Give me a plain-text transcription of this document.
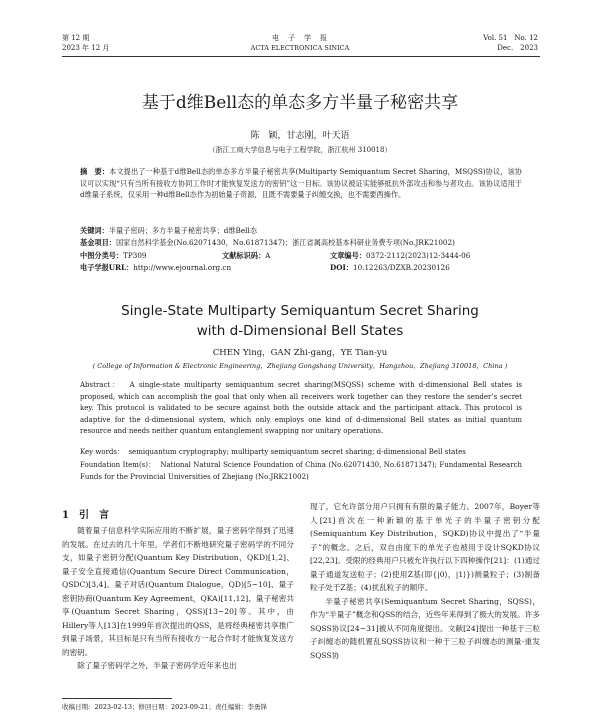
第 12 期
2023 年 12 月
电　子　学　报
ACTA ELECTRONICA SINICA
Vol. 51　No. 12
Dec.　2023
基于d维Bell态的单态多方半量子秘密共享
陈　颖，甘志刚，叶天语
（浙江工商大学信息与电子工程学院，浙江杭州 310018）
摘　要：本文提出了一种基于d维Bell态的单态多方半量子秘密共享(Multiparty Semiquantum Secret Sharing，MSQSS)协议，该协议可以实现“只有当所有接收方协同工作时才能恢复发送方的密钥”这一目标。该协议被证实能够抵抗外部攻击和参与者攻击。该协议适用于d维量子系统，仅采用一种d维Bell态作为初始量子资源，且既不需要量子纠缠交换，也不需要酉操作。
关键词：半量子密码；多方半量子秘密共享；d维Bell态
基金项目：国家自然科学基金(No.62071430，No.61871347)；浙江省属高校基本科研业务费专项(No.JRK21002)
中图分类号：TP309	文献标识码：A	文章编号：0372-2112(2023)12-3444-06
电子学报URL：http://www.ejournal.org.cn	DOI：10.12263/DZXB.20230126
Single-State Multiparty Semiquantum Secret Sharing
with d-Dimensional Bell States
CHEN Ying，GAN Zhi-gang，YE Tian-yu
( College of Information & Electronic Engineering，Zhejiang Gongshang University，Hangzhou，Zhejiang 310018，China )
Abstract： A single-state multiparty semiquantum secret sharing(MSQSS) scheme with d-dimensional Bell states is proposed, which can accomplish the goal that only when all receivers work together can they restore the sender’s secret key. This protocol is validated to be secure against both the outside attack and the participant attack. This protocol is adaptive for the d-dimensional system, which only employs one kind of d-dimensional Bell states as initial quantum resource and needs neither quantum entanglement swapping nor unitary operations.
Key words： semiquantum cryptography; multiparty semiquantum secret sharing; d-dimensional Bell states
Foundation Item(s)： National Natural Science Foundation of China (No.62071430, No.61871347); Fundamental Research Funds for the Provincial Universities of Zhejiang (No.JRK21002)
1　引　言

随着量子信息科学实际应用的不断扩展，量子密码学得到了迅速的发展。在过去的几十年里，学者们不断地研究量子密码学的不同分支，如量子密钥分配(Quantum Key Distribution，QKD)[1,2]、量子安全直接通信(Quantum Secure Direct Communication，QSDC)[3,4]、量子对话(Quantum Dialogue，QD)[5~10]、量子密钥协商(Quantum Key Agreement，QKA)[11,12]、量子秘密共享(Quantum Secret Sharing，QSS)[13~20]等。其中，由Hillery等人[13]在1999年首次提出的QSS，是将经典秘密共享推广到量子场景，其目标是只有当所有接收方一起合作时才能恢复发送方的密钥。

除了量子密码学之外，半量子密码学近年来也出

现了，它允许部分用户只拥有有限的量子能力。2007年，Boyer等人[21]首次在一种新颖的基于单光子的半量子密钥分配(Semiquantum Key Distribution，SQKD)协议中提出了“半量子”的概念。之后，双自由度下的单光子也被用于设计SQKD协议[22,23]。受限的经典用户只被允许执行以下四种操作[21]：(1)通过量子通道发送粒子；(2)使用Z基(即{|0⟩，|1⟩})测量粒子；(3)制备粒子处于Z基；(4)扰乱粒子的顺序。

半量子秘密共享(Semiquantum Secret Sharing，SQSS)，作为“半量子”概念和QSS的结合，近些年来得到了极大的发展。许多SQSS协议[24~31]被从不同角度提出。文献[24]提出一种基于三粒子纠缠态的随机置乱SQSS协议和一种于三粒子纠缠态的测量-重发SQSS协

收稿日期：2023-02-13；修回日期：2023-09-21；责任编辑：李勇锋
